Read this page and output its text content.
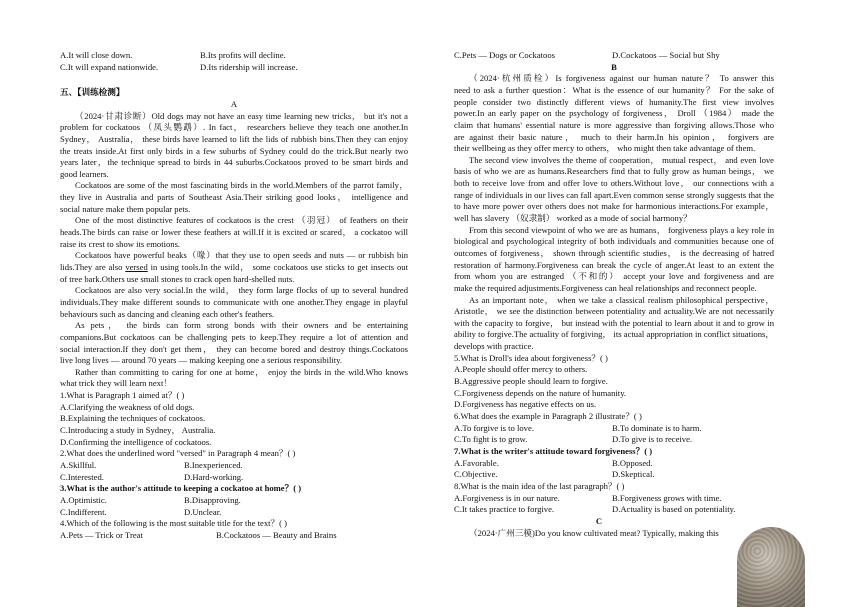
A.It will close down.	B.Its profits will decline.
C.It will expand nationwide.	D.Its ridership will increase.
五、【训练检测】
A
（2024·甘肃诊断）Old dogs may not have an easy time learning new tricks， but it's not a
problem for cockatoos （凤头鹦鹉）. In fact， researchers believe they teach one another.In
Sydney， Australia， these birds have learned to lift the lids of rubbish bins.Then they can enjoy
the treats inside.At first only birds in a few suburbs of Sydney could do the trick.But nearly two
years later，the technique spread to birds in 44 suburbs.Cockatoos proved to be smart birds and
good learners.
Cockatoos are some of the most fascinating birds in the world.Members of the parrot family，
they live in Australia and parts of Southeast Asia.Their striking good looks， intelligence and
social nature make them popular pets.
One of the most distinctive features of cockatoos is the crest （羽冠） of feathers on their
heads.The birds can raise or lower these feathers at will.If it is excited or scared， a cockatoo will
raise its crest to show its emotions.
Cockatoos have powerful beaks（喙）that they use to open seeds and nuts — or rubbish bin
lids.They are also versed in using tools.In the wild， some cockatoos use sticks to get insects out
of tree bark.Others use small stones to crack open hard-shelled nuts.
Cockatoos are also very social.In the wild， they form large flocks of up to several hundred
individuals.They make different sounds to communicate with one another.They engage in playful
behaviours such as dancing and cleaning each other's feathers.
As pets， the birds can form strong bonds with their owners and be entertaining
companions.But cockatoos can be challenging pets to keep.They require a lot of attention and
social interaction.If they don't get them， they can become bored and destroy things.Cockatoos
live long lives — around 70 years — making keeping one a serious responsibility.
Rather than committing to caring for one at home， enjoy the birds in the wild.Who knows
what trick they will learn next！
1.What is Paragraph 1 aimed at？( )
A.Clarifying the weakness of old dogs.
B.Explaining the techniques of cockatoos.
C.Introducing a study in Sydney， Australia.
D.Confirming the intelligence of cockatoos.
2.What does the underlined word "versed" in Paragraph 4 mean？( )
A.Skillful.	B.Inexperienced.
C.Interested.	D.Hard-working.
3.What is the author's attitude to keeping a cockatoo at home？( )
A.Optimistic.	B.Disapproving.
C.Indifferent.	D.Unclear.
4.Which of the following is the most suitable title for the text？( )
A.Pets — Trick or Treat	B.Cockatoos — Beauty and Brains
C.Pets — Dogs or Cockatoos	D.Cockatoos — Social but Shy
B
（2024·杭州质检）Is forgiveness against our human nature？ To answer this
need to ask a further question：What is the essence of our humanity？ For the sake of
people consider two distinctly different views of humanity.The first view involves
power.In an early paper on the psychology of forgiveness， Droll （1984） made the
claim that humans' essential nature is more aggressive than forgiving allows.Those who
are against their basic nature， much to their harm.In his opinion， forgivers are
their wellbeing as they offer mercy to others， who might then take advantage of them.
The second view involves the theme of cooperation， mutual respect， and even love
basis of who we are as humans.Researchers find that to fully grow as human beings， we
both to receive love from and offer love to others.Without love， our connections with a
range of individuals in our lives can fall apart.Even common sense strongly suggests that the
to have more power over others does not make for harmonious interactions.For example，
well has slavery （奴隶制） worked as a mode of social harmony？
From this second viewpoint of who we are as humans， forgiveness plays a key role in
biological and psychological integrity of both individuals and communities because one of
outcomes of forgiveness， shown through scientific studies， is the decreasing of hatred
restoration of harmony.Forgiveness can break the cycle of anger.At least to an extent the
from whom you are estranged （不和的） accept your love and forgiveness and are
make the required adjustments.Forgiveness can heal relationships and reconnect people.
As an important note， when we take a classical realism philosophical perspective，
Aristotle， we see the distinction between potentiality and actuality.We are not necessarily
with the capacity to forgive， but instead with the potential to learn about it and to grow in
ability to forgive.The actuality of forgiving， its actual appropriation in conflict situations，
develops with practice.
5.What is Droll's idea about forgiveness？( )
A.People should offer mercy to others.
B.Aggressive people should learn to forgive.
C.Forgiveness depends on the nature of humanity.
D.Forgiveness has negative effects on us.
6.What does the example in Paragraph 2 illustrate？( )
A.To forgive is to love.	B.To dominate is to harm.
C.To fight is to grow.	D.To give is to receive.
7.What is the writer's attitude toward forgiveness？( )
A.Favorable.	B.Opposed.
C.Objective.	D.Skeptical.
8.What is the main idea of the last paragraph？( )
A.Forgiveness is in our nature.	B.Forgiveness grows with time.
C.It takes practice to forgive.	D.Actuality is based on potentiality.
C
（2024·广州三模)Do you know cultivated meat? Typically, making this
